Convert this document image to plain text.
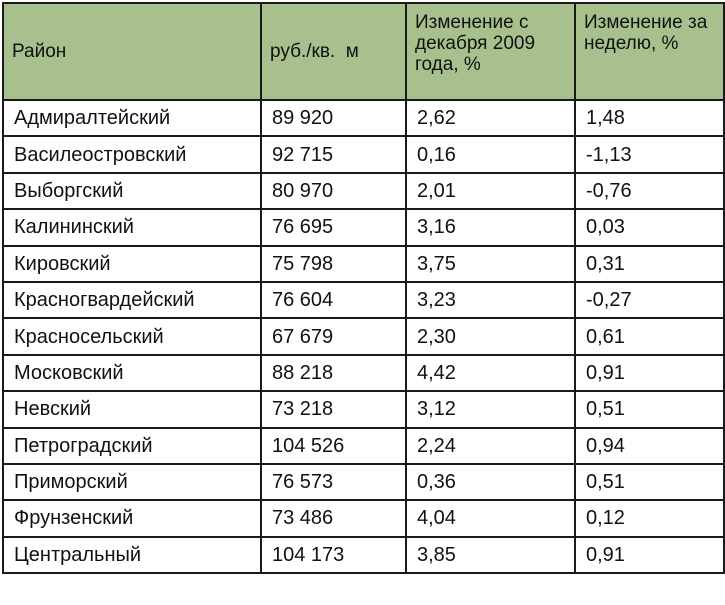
Район	руб./кв.  м	Изменение с декабря 2009 года, %	Изменение за неделю, %
Адмиралтейский	89 920	2,62	1,48
Василеостровский	92 715	0,16	-1,13
Выборгский	80 970	2,01	-0,76
Калининский	76 695	3,16	0,03
Кировский	75 798	3,75	0,31
Красногвардейский	76 604	3,23	-0,27
Красносельский	67 679	2,30	0,61
Московский	88 218	4,42	0,91
Невский	73 218	3,12	0,51
Петроградский	104 526	2,24	0,94
Приморский	76 573	0,36	0,51
Фрунзенский	73 486	4,04	0,12
Центральный	104 173	3,85	0,91
